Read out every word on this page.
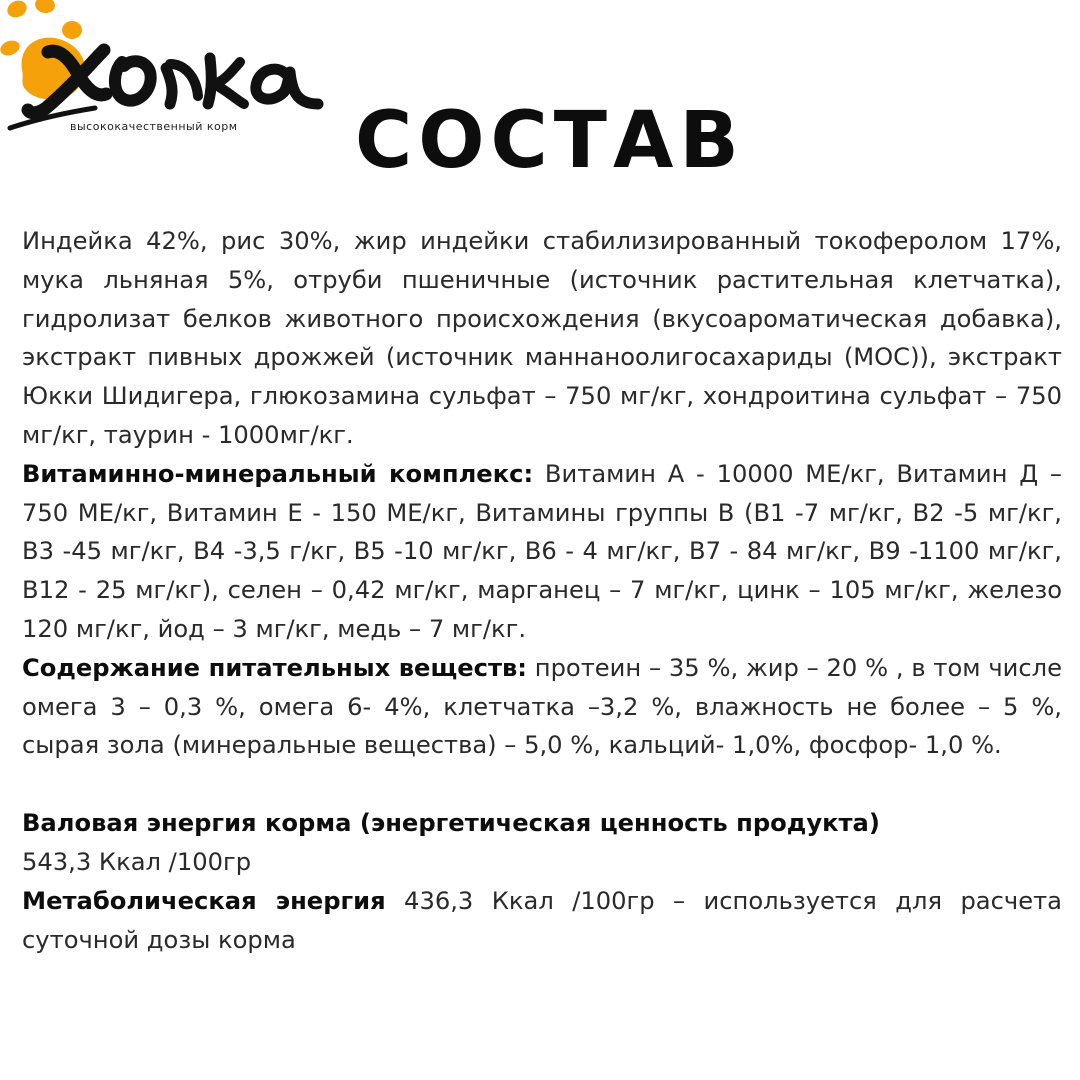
высококачественный корм СОСТАВ

Индейка 42%, рис 30%, жир индейки стабилизированный токоферолом 17%, мука льняная 5%, отруби пшеничные (источник растительная клетчатка), гидролизат белков животного происхождения (вкусоароматическая добавка), экстракт пивных дрожжей (источник маннаноолигосахариды (МОС)), экстракт Юкки Шидигера, глюкозамина сульфат – 750 мг/кг, хондроитина сульфат – 750 мг/кг, таурин - 1000мг/кг.

Витаминно-минеральный комплекс: Витамин А - 10000 МЕ/кг, Витамин Д – 750 МЕ/кг, Витамин Е - 150 МЕ/кг, Витамины группы В (В1 -7 мг/кг, В2 -5 мг/кг, В3 -45 мг/кг, В4 -3,5 г/кг, В5 -10 мг/кг, В6 - 4 мг/кг, В7 - 84 мг/кг, В9 -1100 мг/кг, В12 - 25 мг/кг), селен – 0,42 мг/кг, марганец – 7 мг/кг, цинк – 105 мг/кг, железо 120 мг/кг, йод – 3 мг/кг, медь – 7 мг/кг.

Содержание питательных веществ: протеин – 35 %, жир – 20 % , в том числе омега 3 – 0,3 %, омега 6- 4%, клетчатка –3,2 %, влажность не более – 5 %, сырая зола (минеральные вещества) – 5,0 %, кальций- 1,0%, фосфор- 1,0 %.

Валовая энергия корма (энергетическая ценность продукта)

543,3 Ккал /100гр

Метаболическая энергия 436,3 Ккал /100гр – используется для расчета суточной дозы корма
